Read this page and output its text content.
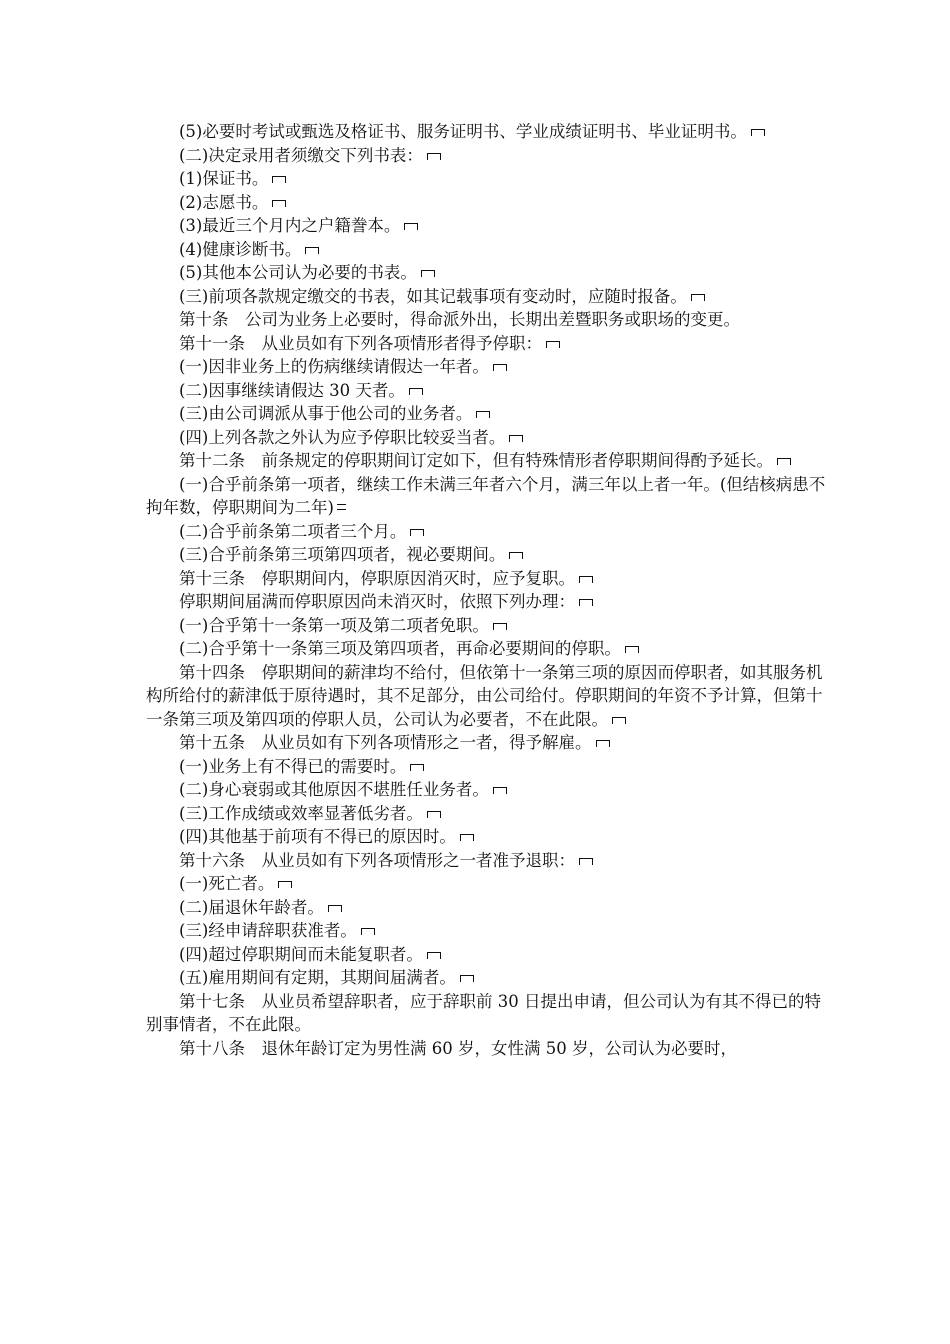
(5)必要时考试或甄选及格证书、服务证明书、学业成绩证明书、毕业证明书。

(二)决定录用者须缴交下列书表：

(1)保证书。

(2)志愿书。

(3)最近三个月内之户籍誊本。

(4)健康诊断书。

(5)其他本公司认为必要的书表。

(三)前项各款规定缴交的书表，如其记载事项有变动时，应随时报备。

第十条　公司为业务上必要时，得命派外出，长期出差暨职务或职场的变更。

第十一条　从业员如有下列各项情形者得予停职：

(一)因非业务上的伤病继续请假达一年者。

(二)因事继续请假达 30 天者。

(三)由公司调派从事于他公司的业务者。

(四)上列各款之外认为应予停职比较妥当者。

第十二条　前条规定的停职期间订定如下，但有特殊情形者停职期间得酌予延长。

(一)合乎前条第一项者，继续工作未满三年者六个月，满三年以上者一年。(但结核病患不拘年数，停职期间为二年)

(二)合乎前条第二项者三个月。

(三)合乎前条第三项第四项者，视必要期间。

第十三条　停职期间内，停职原因消灭时，应予复职。

停职期间届满而停职原因尚未消灭时，依照下列办理：

(一)合乎第十一条第一项及第二项者免职。

(二)合乎第十一条第三项及第四项者，再命必要期间的停职。

第十四条　停职期间的薪津均不给付，但依第十一条第三项的原因而停职者，如其服务机构所给付的薪津低于原待遇时，其不足部分，由公司给付。停职期间的年资不予计算，但第十一条第三项及第四项的停职人员，公司认为必要者，不在此限。

第十五条　从业员如有下列各项情形之一者，得予解雇。

(一)业务上有不得已的需要时。

(二)身心衰弱或其他原因不堪胜任业务者。

(三)工作成绩或效率显著低劣者。

(四)其他基于前项有不得已的原因时。

第十六条　从业员如有下列各项情形之一者准予退职：

(一)死亡者。

(二)届退休年龄者。

(三)经申请辞职获准者。

(四)超过停职期间而未能复职者。

(五)雇用期间有定期，其期间届满者。

第十七条　从业员希望辞职者，应于辞职前 30 日提出申请，但公司认为有其不得已的特别事情者，不在此限。

第十八条　退休年龄订定为男性满 60 岁，女性满 50 岁，公司认为必要时，
